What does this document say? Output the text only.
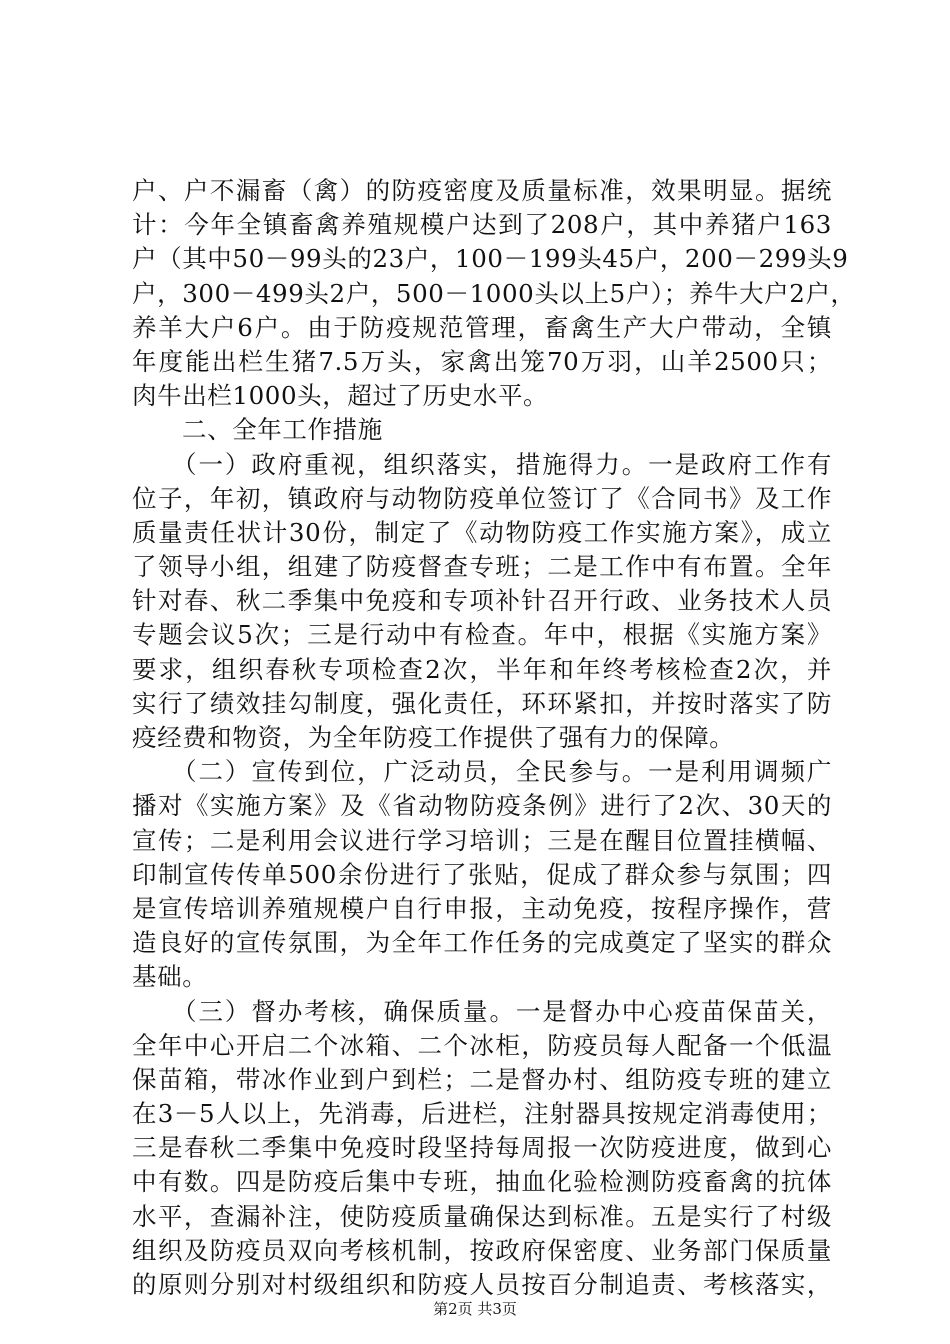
户、户不漏畜（禽）的防疫密度及质量标准，效果明显。据统
计：今年全镇畜禽养殖规模户达到了208户，其中养猪户163
户（其中50－99头的23户，100－199头45户，200－299头9
户，300－499头2户，500－1000头以上5户）；养牛大户2户，
养羊大户6户。由于防疫规范管理，畜禽生产大户带动，全镇
年度能出栏生猪7.5万头，家禽出笼70万羽，山羊2500只；
肉牛出栏1000头，超过了历史水平。
二、全年工作措施
（一）政府重视，组织落实，措施得力。一是政府工作有
位子，年初，镇政府与动物防疫单位签订了《合同书》及工作
质量责任状计30份，制定了《动物防疫工作实施方案》，成立
了领导小组，组建了防疫督查专班；二是工作中有布置。全年
针对春、秋二季集中免疫和专项补针召开行政、业务技术人员
专题会议5次；三是行动中有检查。年中，根据《实施方案》
要求，组织春秋专项检查2次，半年和年终考核检查2次，并
实行了绩效挂勾制度，强化责任，环环紧扣，并按时落实了防
疫经费和物资，为全年防疫工作提供了强有力的保障。
（二）宣传到位，广泛动员，全民参与。一是利用调频广
播对《实施方案》及《省动物防疫条例》进行了2次、30天的
宣传；二是利用会议进行学习培训；三是在醒目位置挂横幅、
印制宣传传单500余份进行了张贴，促成了群众参与氛围；四
是宣传培训养殖规模户自行申报，主动免疫，按程序操作，营
造良好的宣传氛围，为全年工作任务的完成奠定了坚实的群众
基础。
（三）督办考核，确保质量。一是督办中心疫苗保苗关，
全年中心开启二个冰箱、二个冰柜，防疫员每人配备一个低温
保苗箱，带冰作业到户到栏；二是督办村、组防疫专班的建立
在3－5人以上，先消毒，后进栏，注射器具按规定消毒使用；
三是春秋二季集中免疫时段坚持每周报一次防疫进度，做到心
中有数。四是防疫后集中专班，抽血化验检测防疫畜禽的抗体
水平，查漏补注，使防疫质量确保达到标准。五是实行了村级
组织及防疫员双向考核机制，按政府保密度、业务部门保质量
的原则分别对村级组织和防疫人员按百分制追责、考核落实，
第2页 共3页
